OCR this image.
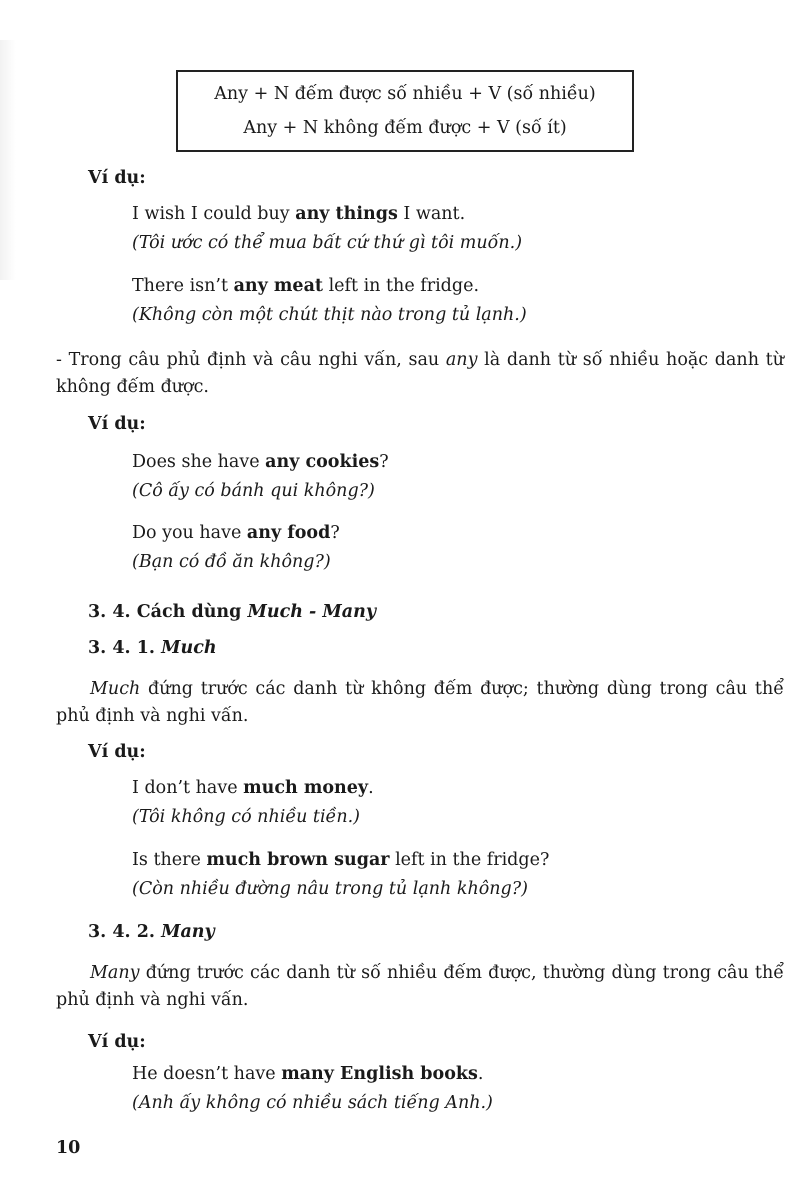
Any + N đếm được số nhiều + V (số nhiều)
Any + N không đếm được + V (số ít)
Ví dụ:
I wish I could buy any things I want.
(Tôi ước có thể mua bất cứ thứ gì tôi muốn.)
There isn’t any meat left in the fridge.
(Không còn một chút thịt nào trong tủ lạnh.)
- Trong câu phủ định và câu nghi vấn, sau any là danh từ số nhiều hoặc danh từ không đếm được.
Ví dụ:
Does she have any cookies?
(Cô ấy có bánh qui không?)
Do you have any food?
(Bạn có đồ ăn không?)
3. 4. Cách dùng Much - Many
3. 4. 1. Much
Much đứng trước các danh từ không đếm được; thường dùng trong câu thể phủ định và nghi vấn.
Ví dụ:
I don’t have much money.
(Tôi không có nhiều tiền.)
Is there much brown sugar left in the fridge?
(Còn nhiều đường nâu trong tủ lạnh không?)
3. 4. 2. Many
Many đứng trước các danh từ số nhiều đếm được, thường dùng trong câu thể phủ định và nghi vấn.
Ví dụ:
He doesn’t have many English books.
(Anh ấy không có nhiều sách tiếng Anh.)
10
